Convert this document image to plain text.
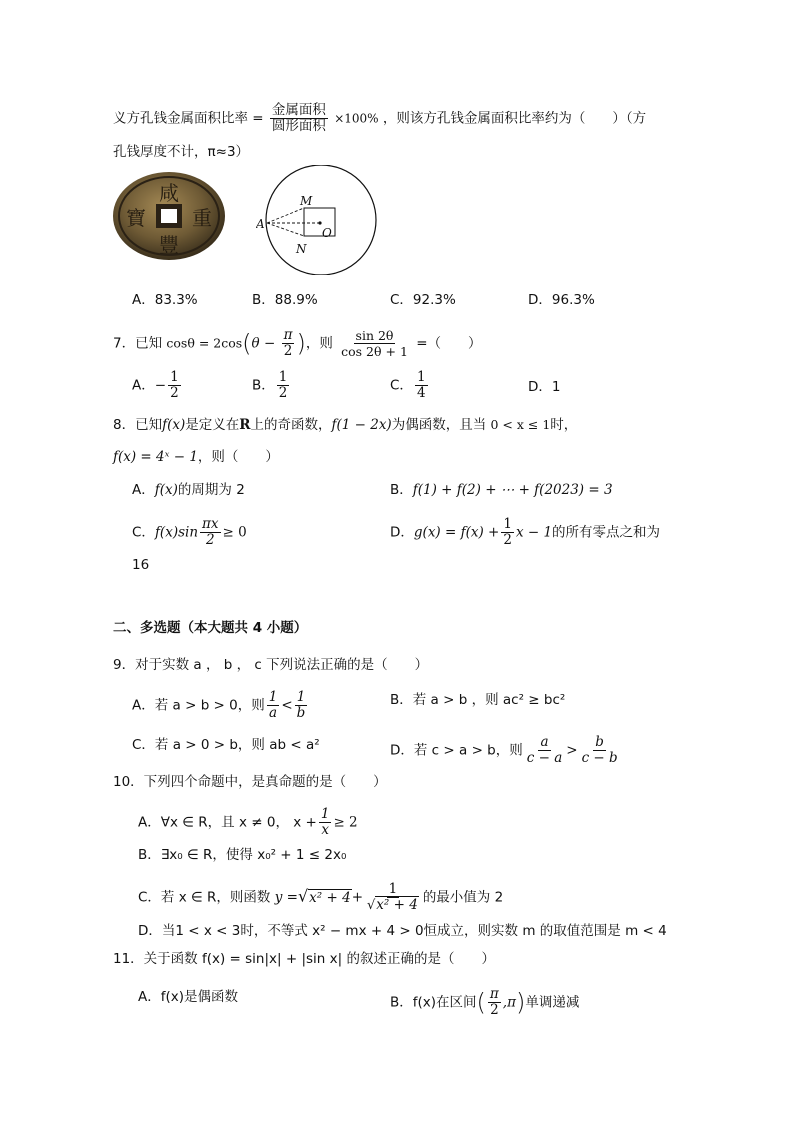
义方孔钱金属面积比率 = $\frac{\text{金属面积}}{\text{圆形面积}} \times 100\%$ ，则该方孔钱金属面积比率约为（　　）（方
孔钱厚度不计，π≈3）
咸
豐
寶 重
M
N
A
O
A．83.3%	B．88.9%	C．92.3%	D．96.3%
7．已知 $\cos\theta = 2\cos(\theta - \frac{\pi}{2}$ )，则 $\frac{\sin 2\theta}{\cos 2\theta + 1}$ =（　　）
A．− $\frac{1}{2}$	B． $\frac{1}{2}$	C． $\frac{1}{4}$	D．1
8．已知f(x)是定义在R上的奇函数，f(1 − 2x)为偶函数，且当 0 < x ≤ 1时，
f(x) = 4ˣ − 1，则（　　）
A．f(x)的周期为 2	B．f(1) + f(2) + ⋯ + f(2023) = 3
C．$f(x)\sin \frac{\pi x}{2} \ge 0$	D．$g(x) = f(x) + \frac{1}{2}$ x − 1的所有零点之和为
16
二、多选题（本大题共 4 小题）
9．对于实数 a ， b ， c 下列说法正确的是（　　）
A．若 a > b > 0，则 $\frac{1}{a} < \frac{1}{b}$	B．若 a > b ，则 ac² ≥ bc²
C．若 a > 0 > b，则 ab < a²	D．若 c > a > b，则 $\frac{a}{c - a} > \frac{b}{c - b}$
10．下列四个命题中，是真命题的是（　　）
A．∀x ∈ R，且 x ≠ 0， $x + \frac{1}{x} \ge 2$
B．∃x₀ ∈ R，使得 x₀² + 1 ≤ 2x₀
C．若 x ∈ R，则函数 $y =√x^2 + 4+ \frac{1}{\text{√x² + 4}}$ 的最小值为 2
D．当1 < x < 3时，不等式 x² − mx + 4 > 0恒成立，则实数 m 的取值范围是 m < 4
11．关于函数 f(x) = sin|x| + |sin x| 的叙述正确的是（　　）
A．f(x)是偶函数	B．f(x)在区间( $\frac{\pi}{2} ,\pi$)单调递减
